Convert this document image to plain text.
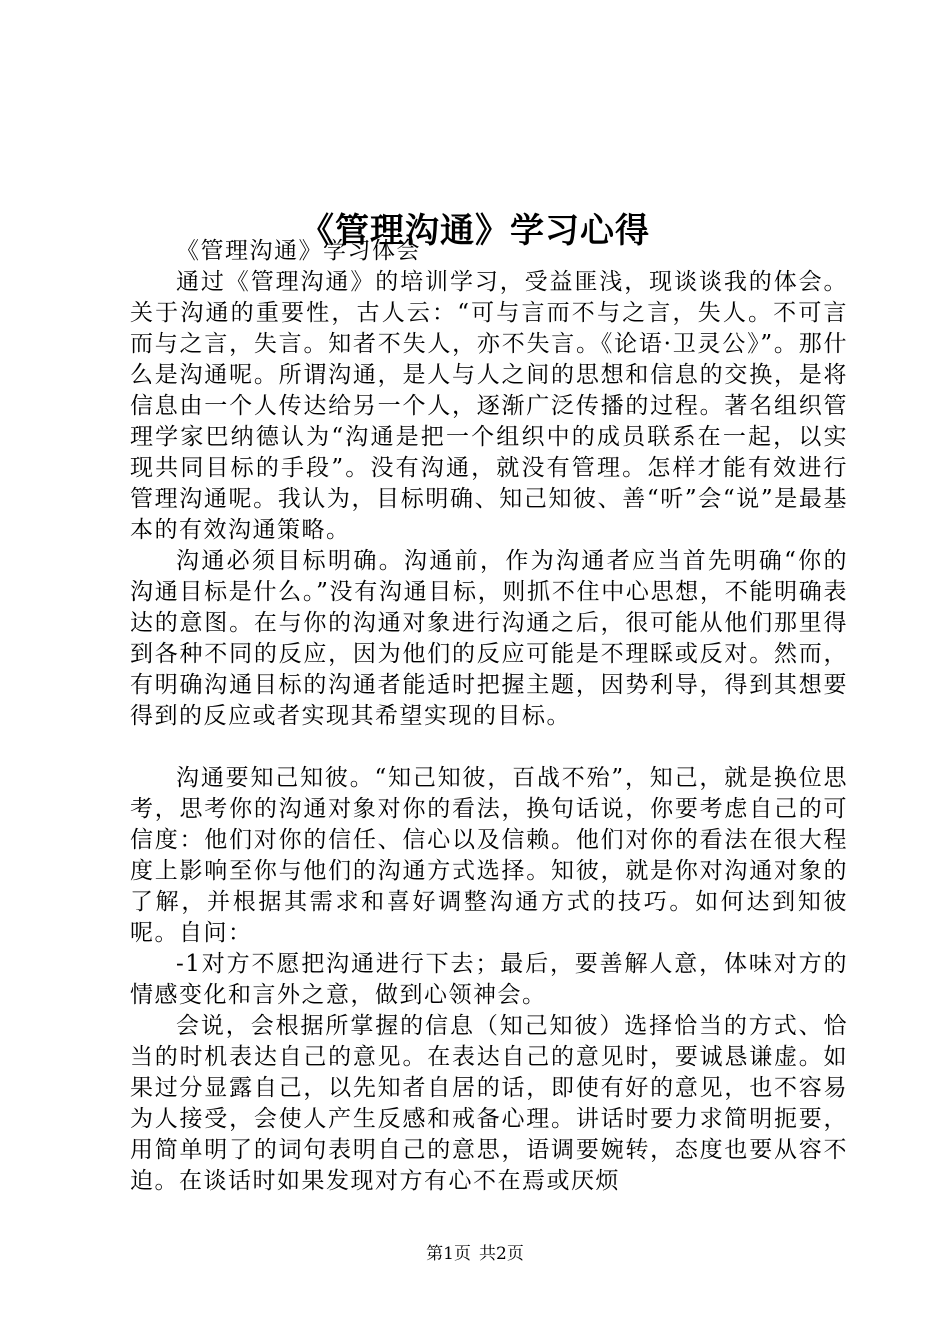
《管理沟通》学习心得

《管理沟通》学习体会

通过《管理沟通》的培训学习，受益匪浅，现谈谈我的体会。关于沟通的重要性，古人云：“可与言而不与之言，失人。不可言而与之言，失言。知者不失人，亦不失言。《论语·卫灵公》”。那什么是沟通呢。所谓沟通，是人与人之间的思想和信息的交换，是将信息由一个人传达给另一个人，逐渐广泛传播的过程。著名组织管理学家巴纳德认为“沟通是把一个组织中的成员联系在一起，以实现共同目标的手段”。没有沟通，就没有管理。怎样才能有效进行管理沟通呢。我认为，目标明确、知己知彼、善“听”会“说”是最基本的有效沟通策略。

沟通必须目标明确。沟通前，作为沟通者应当首先明确“你的沟通目标是什么。”没有沟通目标，则抓不住中心思想，不能明确表达的意图。在与你的沟通对象进行沟通之后，很可能从他们那里得到各种不同的反应，因为他们的反应可能是不理睬或反对。然而，有明确沟通目标的沟通者能适时把握主题，因势利导，得到其想要得到的反应或者实现其希望实现的目标。

沟通要知己知彼。“知己知彼，百战不殆”，知己，就是换位思考，思考你的沟通对象对你的看法，换句话说，你要考虑自己的可信度：他们对你的信任、信心以及信赖。他们对你的看法在很大程度上影响至你与他们的沟通方式选择。知彼，就是你对沟通对象的了解，并根据其需求和喜好调整沟通方式的技巧。如何达到知彼呢。自问：

-1对方不愿把沟通进行下去；最后，要善解人意，体味对方的情感变化和言外之意，做到心领神会。

会说，会根据所掌握的信息（知己知彼）选择恰当的方式、恰当的时机表达自己的意见。在表达自己的意见时，要诚恳谦虚。如果过分显露自己，以先知者自居的话，即使有好的意见，也不容易为人接受，会使人产生反感和戒备心理。讲话时要力求简明扼要，用简单明了的词句表明自己的意思，语调要婉转，态度也要从容不迫。在谈话时如果发现对方有心不在焉或厌烦

第1页 共2页
